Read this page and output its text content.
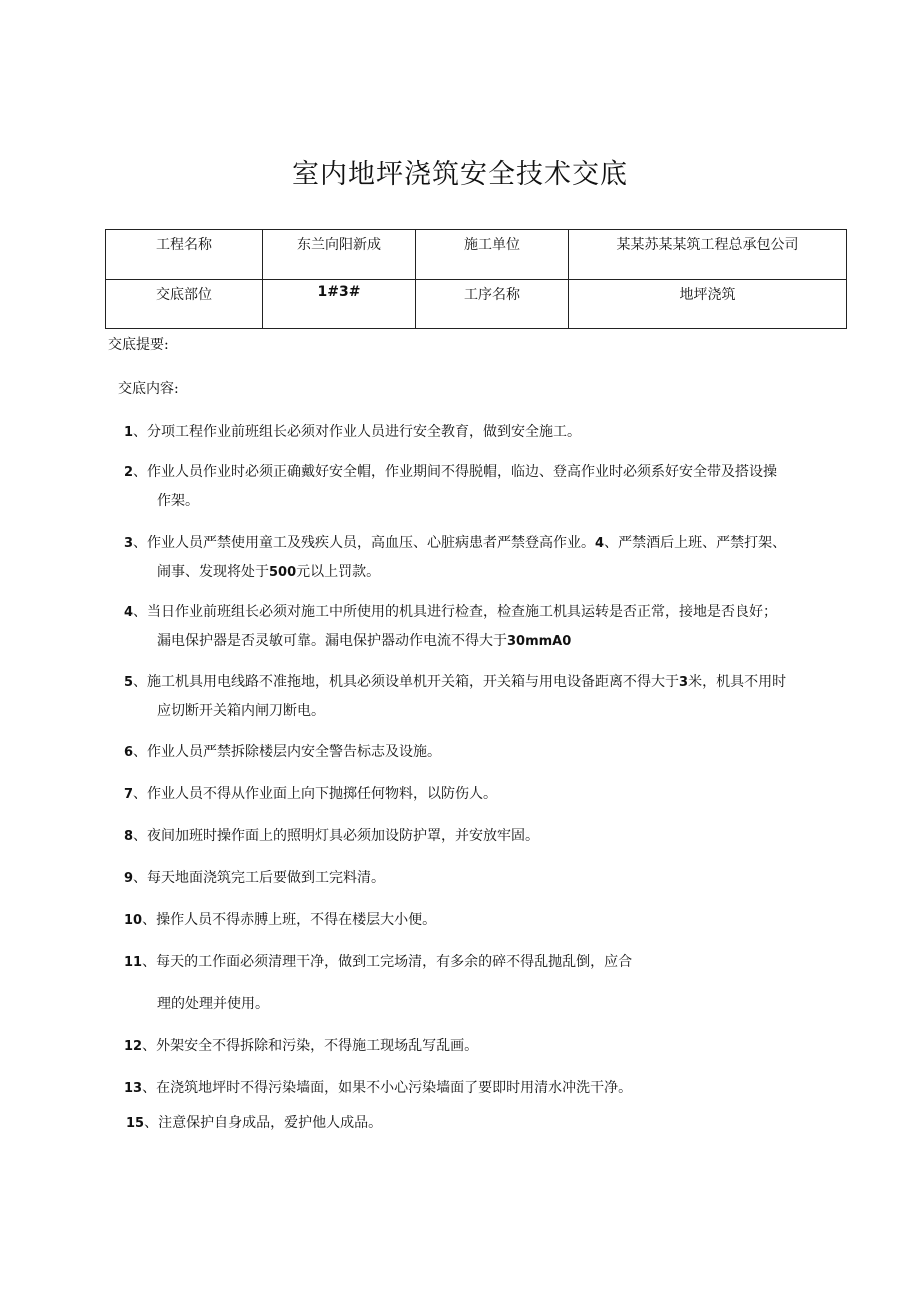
室内地坪浇筑安全技术交底
工程名称	东兰向阳新成	施工单位	某某苏某某筑工程总承包公司
交底部位	1#3#	工序名称	地坪浇筑
交底提要:
交底内容:
1、分项工程作业前班组长必须对作业人员进行安全教育，做到安全施工。
2、作业人员作业时必须正确戴好安全帽，作业期间不得脱帽，临边、登高作业时必须系好安全带及搭设操
作架。
3、作业人员严禁使用童工及残疾人员，高血压、心脏病患者严禁登高作业。4、严禁酒后上班、严禁打架、
闹事、发现将处于500元以上罚款。
4、当日作业前班组长必须对施工中所使用的机具进行检查，检查施工机具运转是否正常，接地是否良好；
漏电保护器是否灵敏可靠。漏电保护器动作电流不得大于30mmA0
5、施工机具用电线路不准拖地，机具必须设单机开关箱，开关箱与用电设备距离不得大于3米，机具不用时
应切断开关箱内闸刀断电。
6、作业人员严禁拆除楼层内安全警告标志及设施。
7、作业人员不得从作业面上向下抛掷任何物料，以防伤人。
8、夜间加班时操作面上的照明灯具必须加设防护罩，并安放牢固。
9、每天地面浇筑完工后要做到工完料清。
10、操作人员不得赤膊上班，不得在楼层大小便。
11、每天的工作面必须清理干净，做到工完场清，有多余的碎不得乱抛乱倒，应合
理的处理并使用。
12、外架安全不得拆除和污染，不得施工现场乱写乱画。
13、在浇筑地坪时不得污染墙面，如果不小心污染墙面了要即时用清水冲洗干净。
15、注意保护自身成品，爱护他人成品。
